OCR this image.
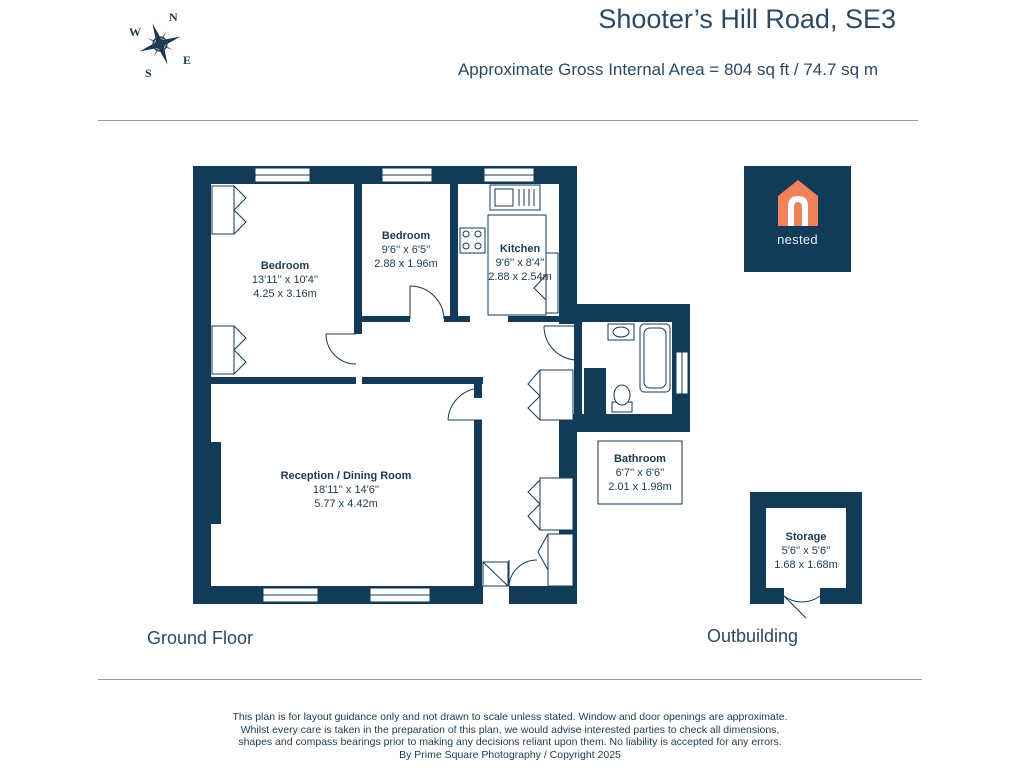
Shooter’s Hill Road, SE3
Approximate Gross Internal Area = 804 sq ft / 74.7 sq m
N
W
E
S
nested
Bedroom
13'11'' x 10'4''
4.25 x 3.16m
Bedroom
9'6'' x 6'5''
2.88 x 1.96m
Kitchen
9'6'' x 8'4''
2.88 x 2.54m
Reception / Dining Room
18'11'' x 14'6''
5.77 x 4.42m
Bathroom
6'7'' x 6'6''
2.01 x 1.98m
Storage
5'6'' x 5'6''
1.68 x 1.68m
IN
Ground Floor	Outbuilding
This plan is for layout guidance only and not drawn to scale unless stated. Window and door openings are approximate.
Whilst every care is taken in the preparation of this plan, we would advise interested parties to check all dimensions,
shapes and compass bearings prior to making any decisions reliant upon them. No liability is accepted for any errors.
By Prime Square Photography / Copyright 2025
